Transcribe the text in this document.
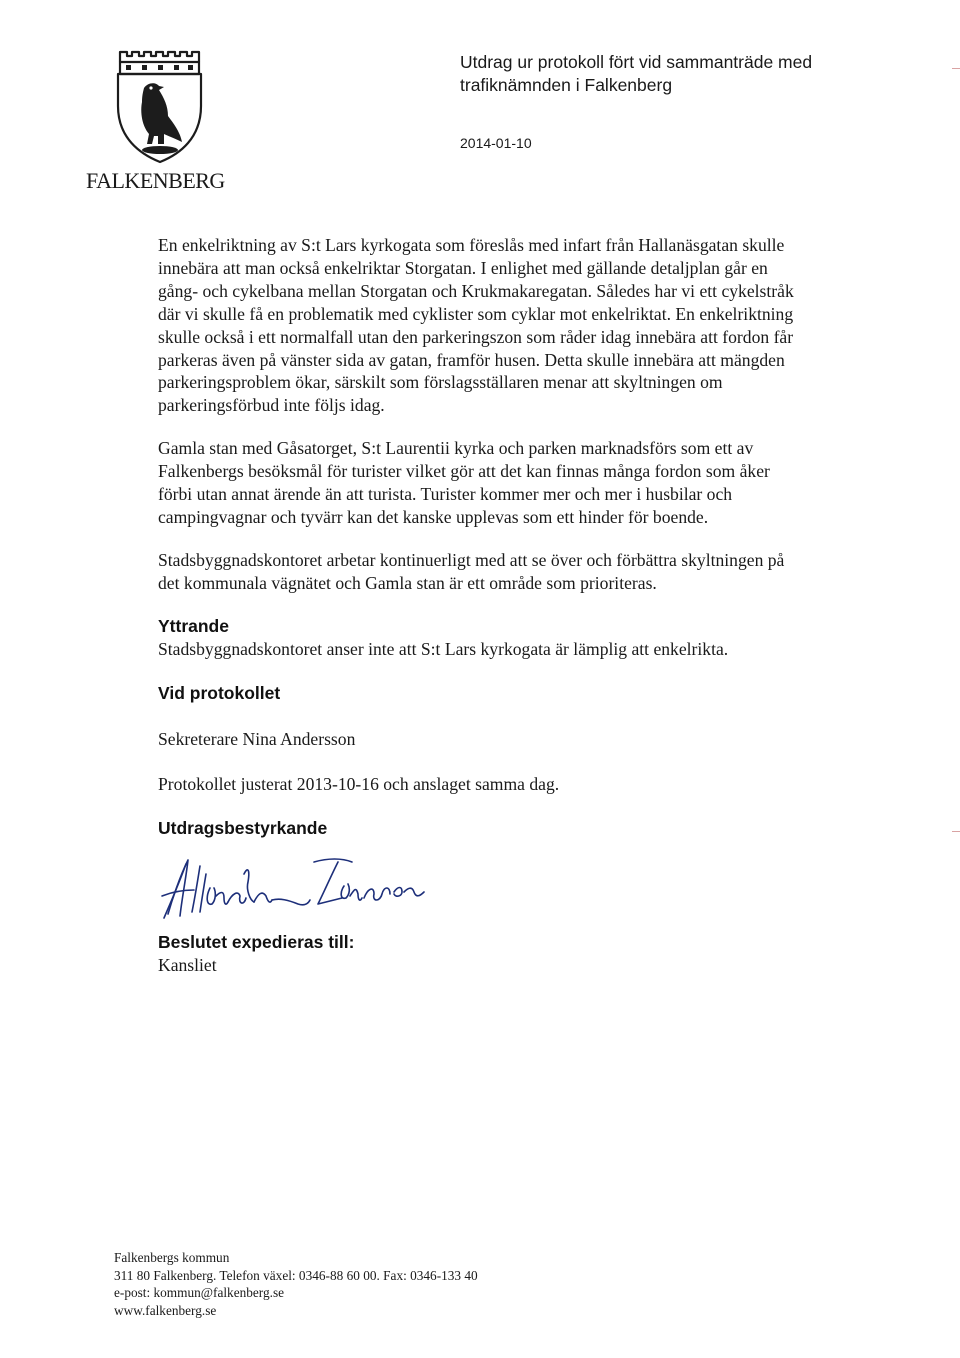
FALKENBERG
Utdrag ur protokoll fört vid sammanträde med
trafiknämnden i Falkenberg
2014-01-10
En enkelriktning av S:t Lars kyrkogata som föreslås med infart från Hallanäsgatan skulle
innebära att man också enkelriktar Storgatan. I enlighet med gällande detaljplan går en
gång- och cykelbana mellan Storgatan och Krukmakaregatan. Således har vi ett cykelstråk
där vi skulle få en problematik med cyklister som cyklar mot enkelriktat. En enkelriktning
skulle också i ett normalfall utan den parkeringszon som råder idag innebära att fordon får
parkeras även på vänster sida av gatan, framför husen. Detta skulle innebära att mängden
parkeringsproblem ökar, särskilt som förslagsställaren menar att skyltningen om
parkeringsförbud inte följs idag.
Gamla stan med Gåsatorget, S:t Laurentii kyrka och parken marknadsförs som ett av
Falkenbergs besöksmål för turister vilket gör att det kan finnas många fordon som åker
förbi utan annat ärende än att turista. Turister kommer mer och mer i husbilar och
campingvagnar och tyvärr kan det kanske upplevas som ett hinder för boende.
Stadsbyggnadskontoret arbetar kontinuerligt med att se över och förbättra skyltningen på
det kommunala vägnätet och Gamla stan är ett område som prioriteras.
Yttrande
Stadsbyggnadskontoret anser inte att S:t Lars kyrkogata är lämplig att enkelrikta.
Vid protokollet
Sekreterare Nina Andersson
Protokollet justerat 2013-10-16 och anslaget samma dag.
Utdragsbestyrkande
Beslutet expedieras till:
Kansliet
Falkenbergs kommun
311 80 Falkenberg. Telefon växel: 0346-88 60 00. Fax: 0346-133 40
e-post: kommun@falkenberg.se
www.falkenberg.se
